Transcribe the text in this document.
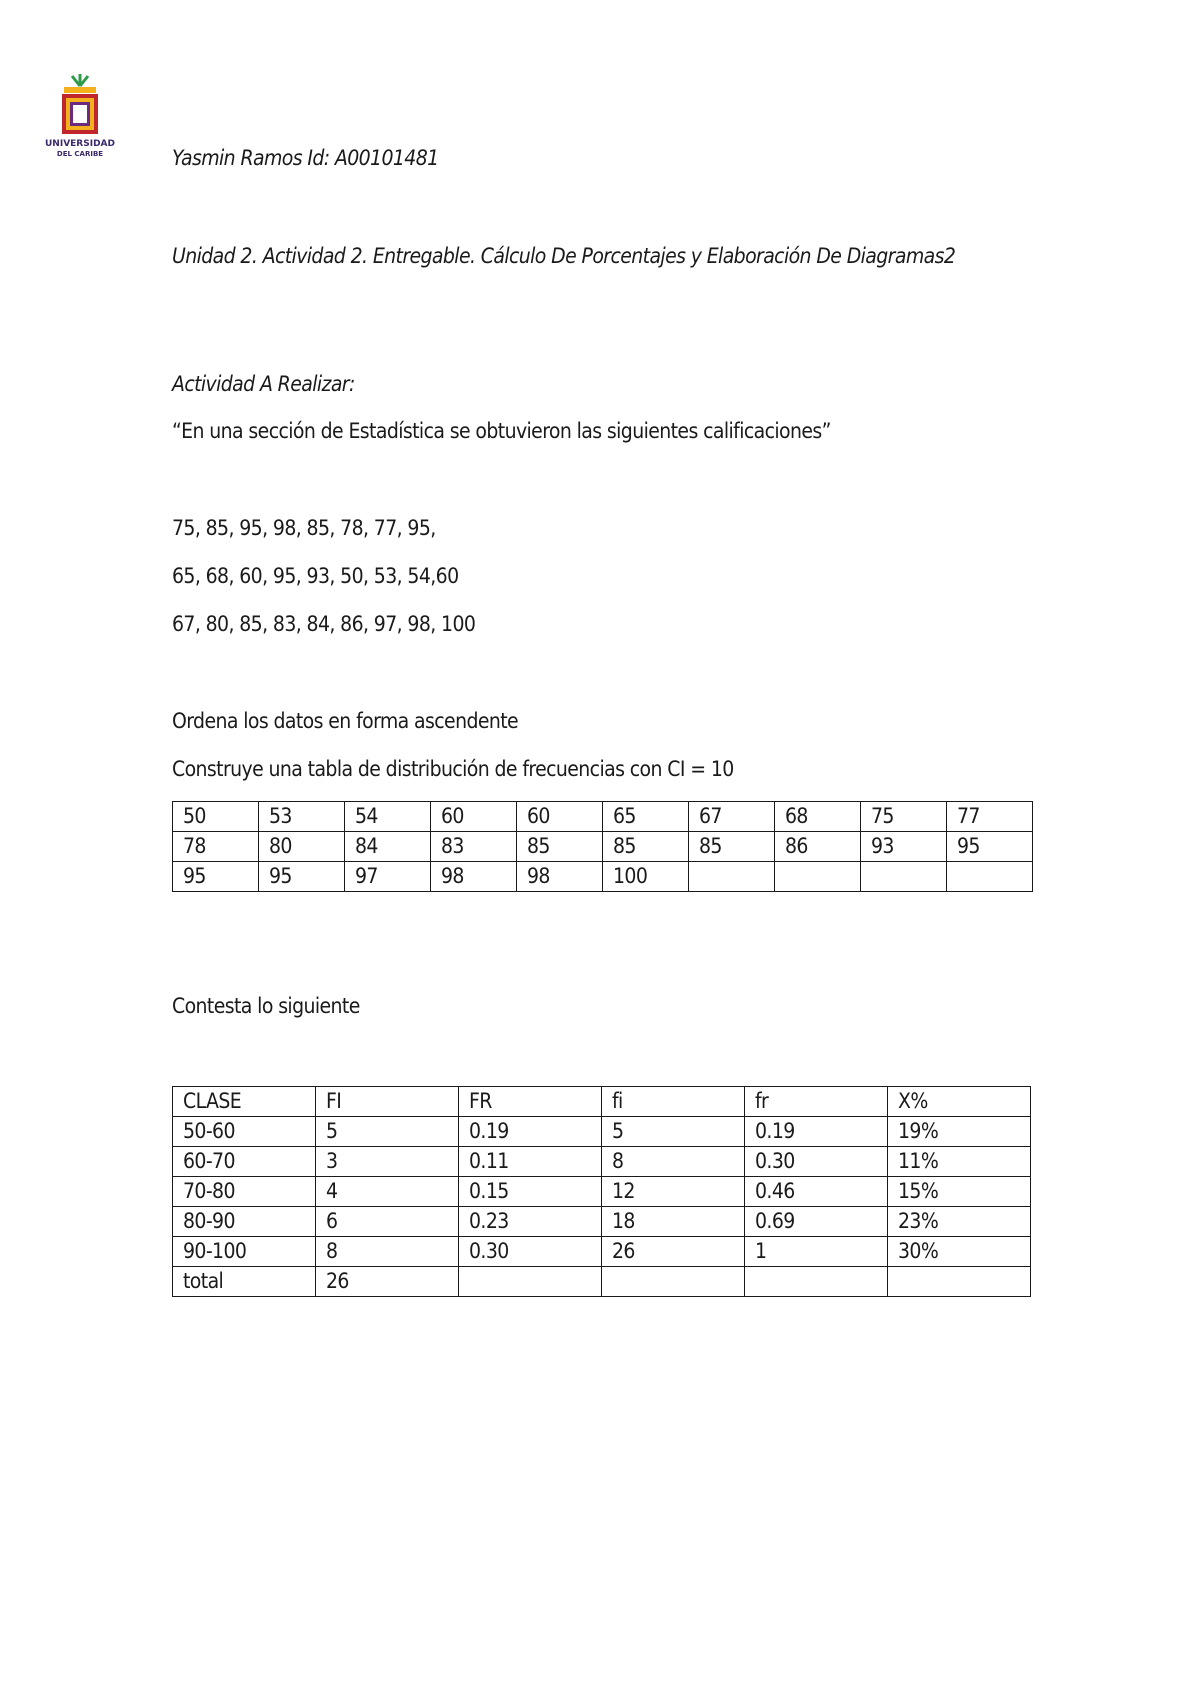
UNIVERSIDAD
DEL CARIBE	Yasmin Ramos Id: A00101481
Unidad 2. Actividad 2. Entregable. Cálculo De Porcentajes y Elaboración De Diagramas2
Actividad A Realizar:
“En una sección de Estadística se obtuvieron las siguientes calificaciones”
75, 85, 95, 98, 85, 78, 77, 95,
65, 68, 60, 95, 93, 50, 53, 54,60
67, 80, 85, 83, 84, 86, 97, 98, 100
Ordena los datos en forma ascendente
Construye una tabla de distribución de frecuencias con CI = 10
50	53	54	60	60	65	67	68	75	77
78	80	84	83	85	85	85	86	93	95
95	95	97	98	98	100				
Contesta lo siguiente
CLASE	FI	FR	fi	fr	X%
50-60	5	0.19	5	0.19	19%
60-70	3	0.11	8	0.30	11%
70-80	4	0.15	12	0.46	15%
80-90	6	0.23	18	0.69	23%
90-100	8	0.30	26	1	30%
total	26				
